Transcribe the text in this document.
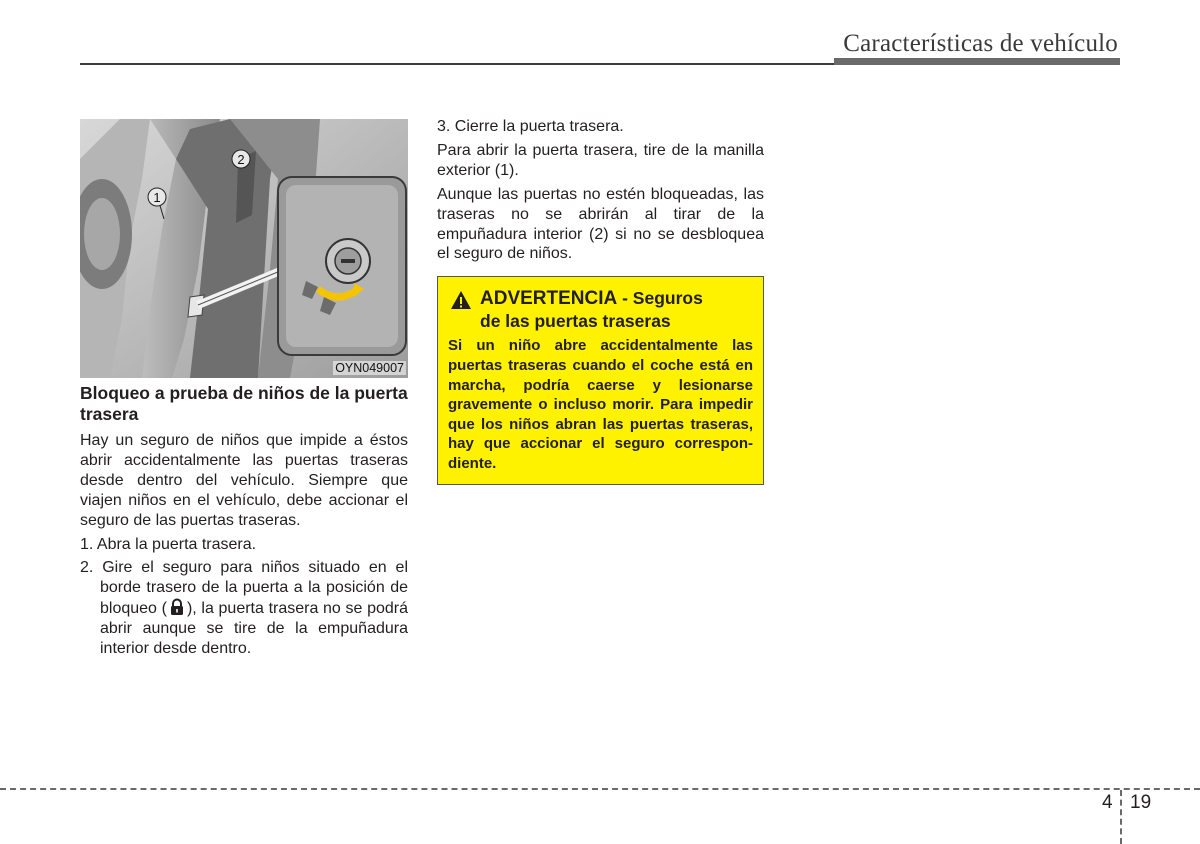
Características de vehículo
2
1
OYN049007
Bloqueo a prueba de niños de la puerta trasera
Hay un seguro de niños que impide a éstos abrir accidentalmente las puertas traseras desde dentro del vehículo. Siempre que viajen niños en el vehículo, debe accionar el seguro de las puertas traseras.
1. Abra la puerta trasera.
2. Gire el seguro para niños situado en el borde trasero de la puerta a la posición de bloqueo ( ), la puerta trasera no se podrá abrir aunque se tire de la empuñadura interior desde dentro.
3. Cierre la puerta trasera.
Para abrir la puerta trasera, tire de la manilla exterior (1).
Aunque las puertas no estén bloqueadas, las traseras no se abrirán al tirar de la empuñadura interior (2) si no se desbloquea el seguro de niños.
ADVERTENCIA - Seguros
de las puertas traseras
Si un niño abre accidentalmente las puertas traseras cuando el coche está en marcha, podría caerse y lesionarse gravemente o incluso morir. Para impedir que los niños abran las puertas traseras, hay que accionar el seguro correspon-diente.
4 19
